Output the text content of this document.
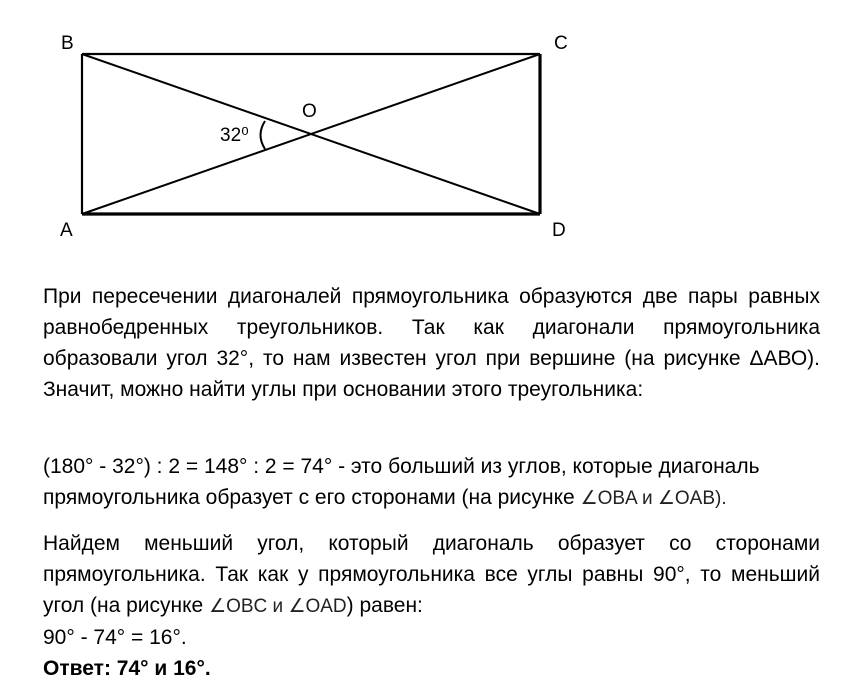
B	C
A	D
O
32⁰
При пересечении диагоналей прямоугольника образуются две пары равных равнобедренных треугольников. Так как диагонали прямоугольника образовали угол 32°, то нам известен угол при вершине (на рисунке ΔАВО). Значит, можно найти углы при основании этого треугольника:
(180° - 32°) : 2 = 148° : 2 = 74° - это больший из углов, которые диагональ прямоугольника образует с его сторонами (на рисунке ∠OBA и ∠OAB).
Найдем меньший угол, который диагональ образует со сторонами прямоугольника. Так как у прямоугольника все углы равны 90°, то меньший угол (на рисунке ∠OBC и ∠OAD) равен:
90° - 74° = 16°.
Ответ: 74° и 16°.
